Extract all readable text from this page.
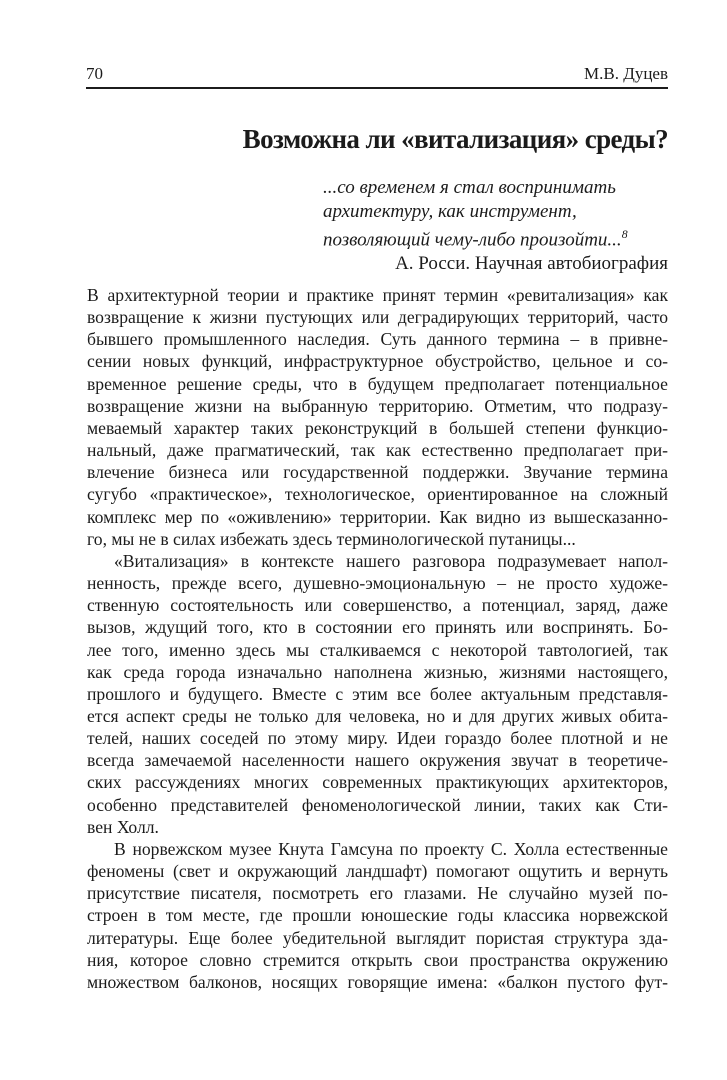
70	М.В. Дуцев
Возможна ли «витализация» среды?
...со временем я стал воспринимать
архитектуру, как инструмент,
позволяющий чему-либо произойти...$^8$
А. Росси. Научная автобиография
В архитектурной теории и практике принят термин «ревитализация» как
возвращение к жизни пустующих или деградирующих территорий, часто
бывшего промышленного наследия. Суть данного термина – в привне-
сении новых функций, инфраструктурное обустройство, цельное и со-
временное решение среды, что в будущем предполагает потенциальное
возвращение жизни на выбранную территорию. Отметим, что подразу-
меваемый характер таких реконструкций в большей степени функцио-
нальный, даже прагматический, так как естественно предполагает при-
влечение бизнеса или государственной поддержки. Звучание термина
сугубо «практическое», технологическое, ориентированное на сложный
комплекс мер по «оживлению» территории. Как видно из вышесказанно-
го, мы не в силах избежать здесь терминологической путаницы...
«Витализация» в контексте нашего разговора подразумевает напол-
ненность, прежде всего, душевно-эмоциональную – не просто художе-
ственную состоятельность или совершенство, а потенциал, заряд, даже
вызов, ждущий того, кто в состоянии его принять или воспринять. Бо-
лее того, именно здесь мы сталкиваемся с некоторой тавтологией, так
как среда города изначально наполнена жизнью, жизнями настоящего,
прошлого и будущего. Вместе с этим все более актуальным представля-
ется аспект среды не только для человека, но и для других живых обита-
телей, наших соседей по этому миру. Идеи гораздо более плотной и не
всегда замечаемой населенности нашего окружения звучат в теоретиче-
ских рассуждениях многих современных практикующих архитекторов,
особенно представителей феноменологической линии, таких как Сти-
вен Холл.
В норвежском музее Кнута Гамсуна по проекту С. Холла естественные
феномены (свет и окружающий ландшафт) помогают ощутить и вернуть
присутствие писателя, посмотреть его глазами. Не случайно музей по-
строен в том месте, где прошли юношеские годы классика норвежской
литературы. Еще более убедительной выглядит пористая структура зда-
ния, которое словно стремится открыть свои пространства окружению
множеством балконов, носящих говорящие имена: «балкон пустого фут-
